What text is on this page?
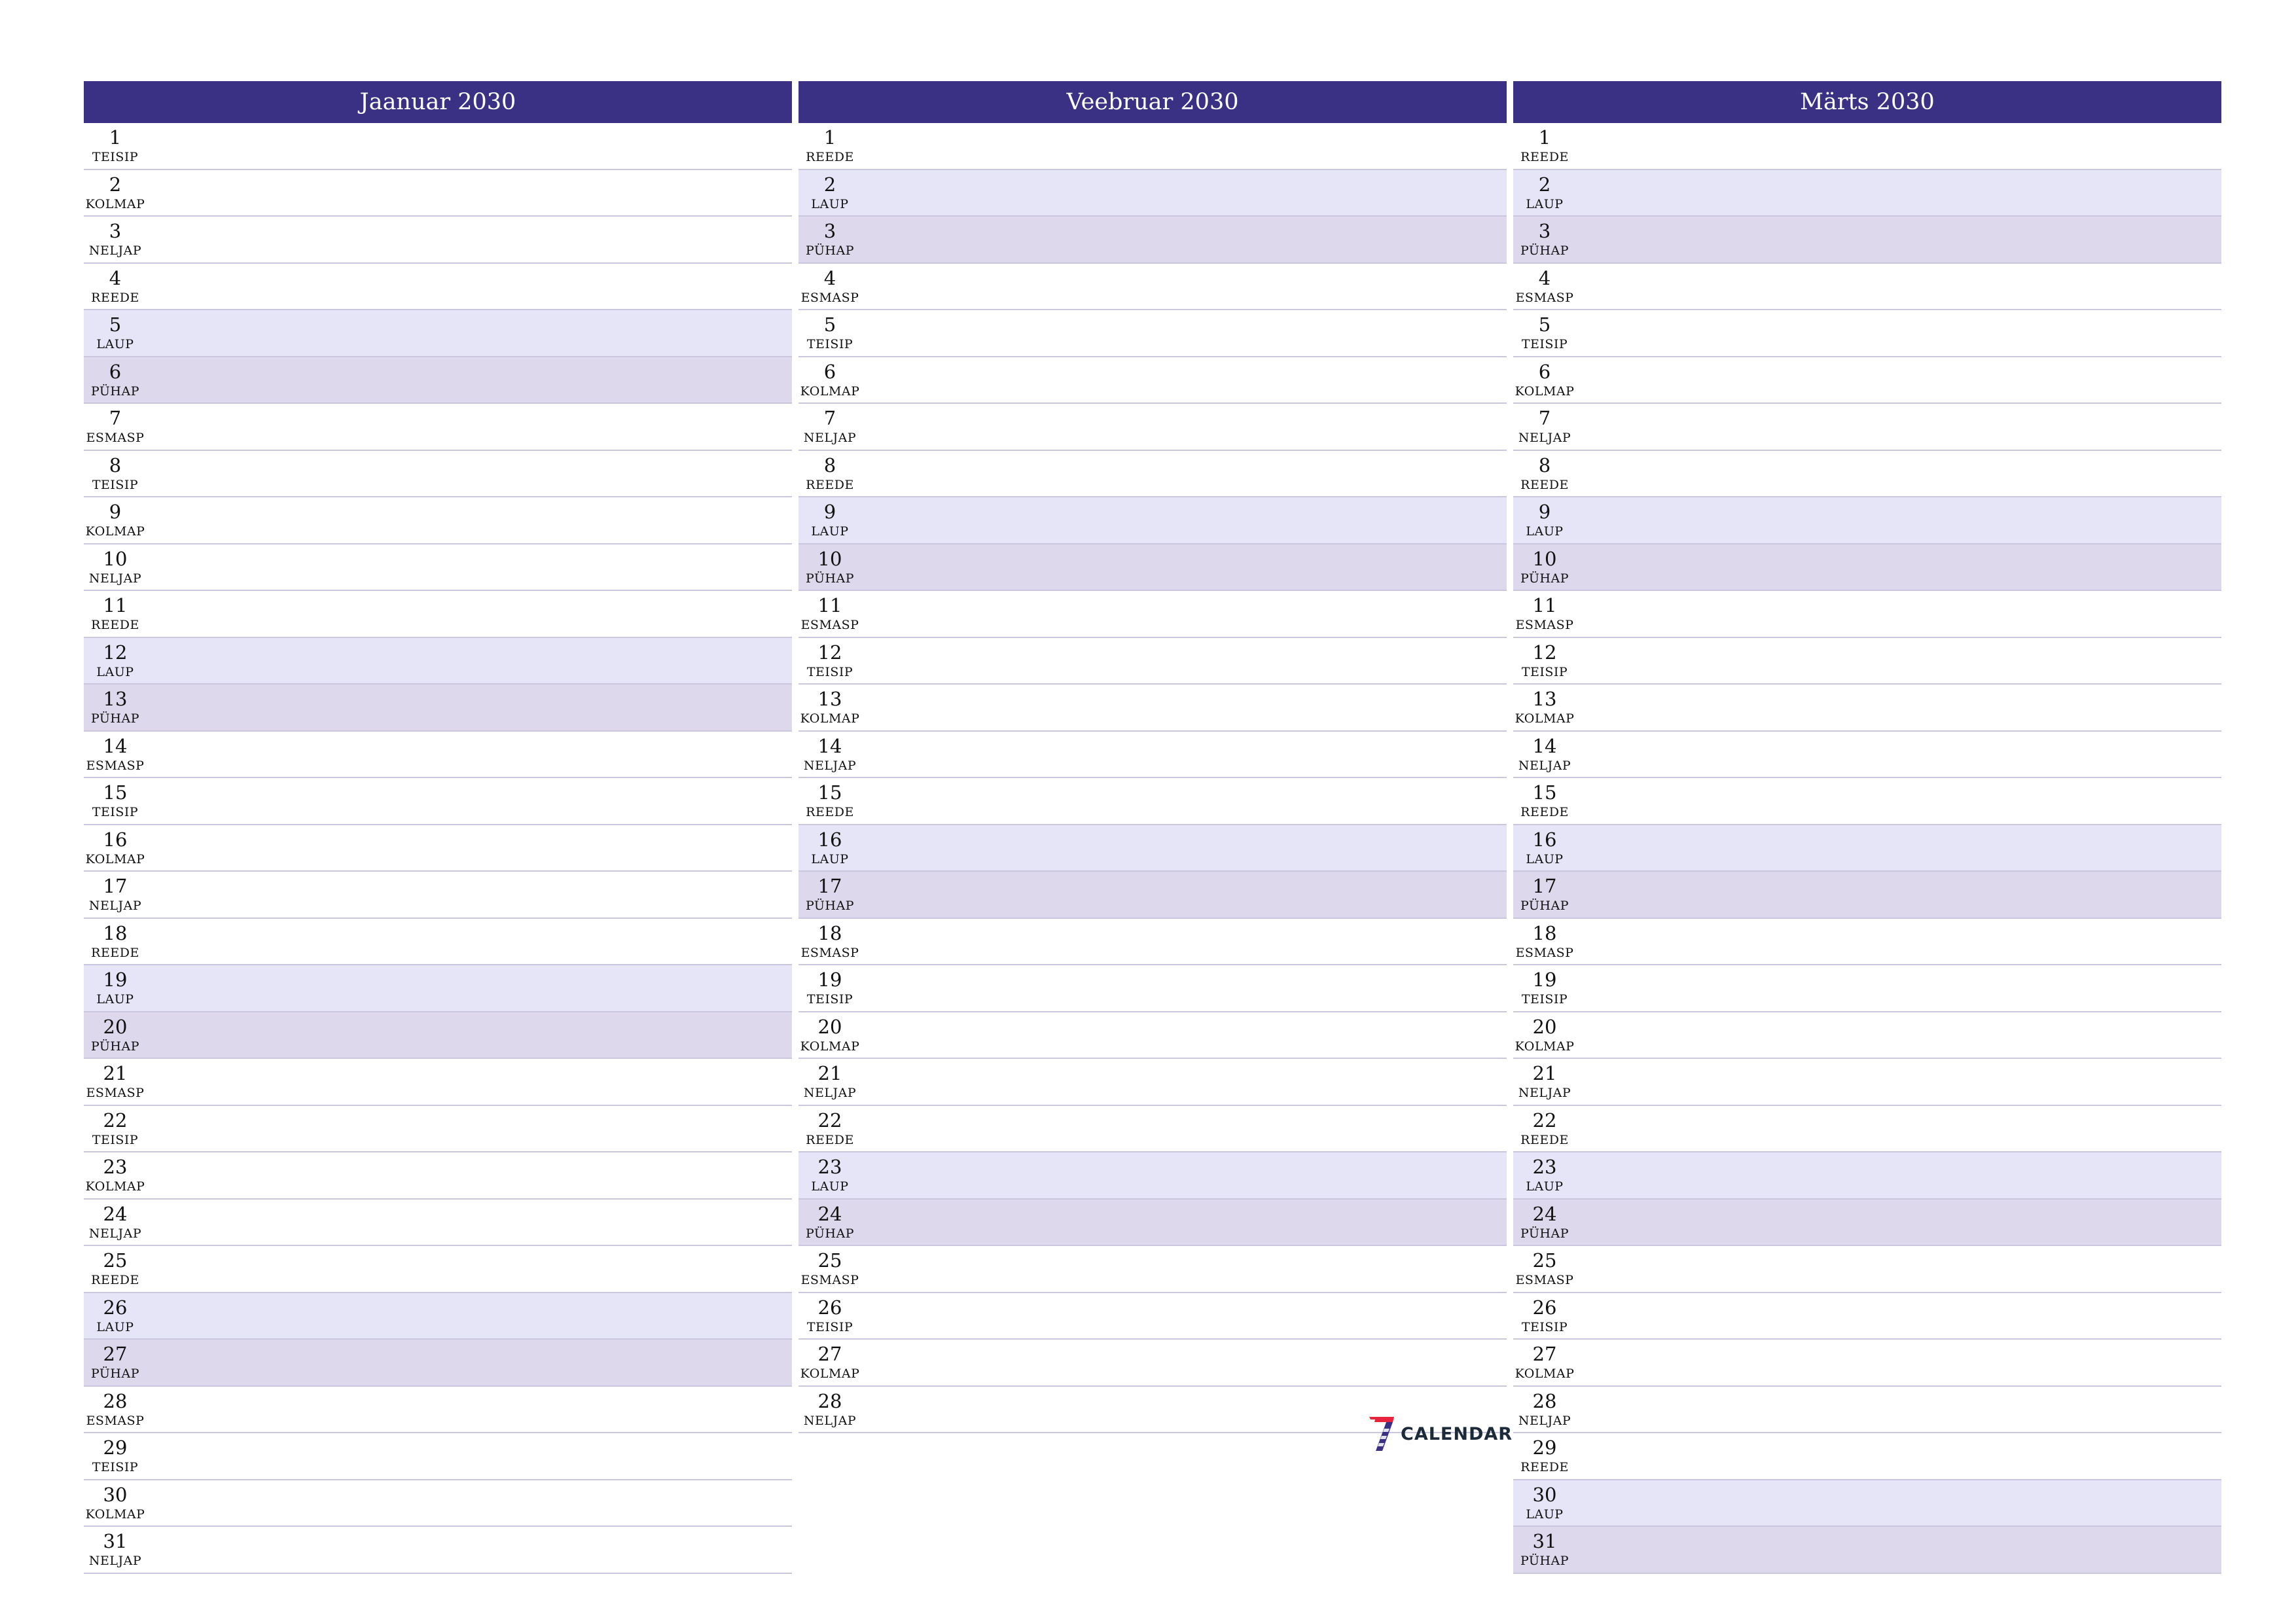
Jaanuar 2030
1
TEISIP
2
KOLMAP
3
NELJAP
4
REEDE
5
LAUP
6
PÜHAP
7
ESMASP
8
TEISIP
9
KOLMAP
10
NELJAP
11
REEDE
12
LAUP
13
PÜHAP
14
ESMASP
15
TEISIP
16
KOLMAP
17
NELJAP
18
REEDE
19
LAUP
20
PÜHAP
21
ESMASP
22
TEISIP
23
KOLMAP
24
NELJAP
25
REEDE
26
LAUP
27
PÜHAP
28
ESMASP
29
TEISIP
30
KOLMAP
31
NELJAP
Veebruar 2030
1
REEDE
2
LAUP
3
PÜHAP
4
ESMASP
5
TEISIP
6
KOLMAP
7
NELJAP
8
REEDE
9
LAUP
10
PÜHAP
11
ESMASP
12
TEISIP
13
KOLMAP
14
NELJAP
15
REEDE
16
LAUP
17
PÜHAP
18
ESMASP
19
TEISIP
20
KOLMAP
21
NELJAP
22
REEDE
23
LAUP
24
PÜHAP
25
ESMASP
26
TEISIP
27
KOLMAP
28
NELJAP
Märts 2030
1
REEDE
2
LAUP
3
PÜHAP
4
ESMASP
5
TEISIP
6
KOLMAP
7
NELJAP
8
REEDE
9
LAUP
10
PÜHAP
11
ESMASP
12
TEISIP
13
KOLMAP
14
NELJAP
15
REEDE
16
LAUP
17
PÜHAP
18
ESMASP
19
TEISIP
20
KOLMAP
21
NELJAP
22
REEDE
23
LAUP
24
PÜHAP
25
ESMASP
26
TEISIP
27
KOLMAP
28
NELJAP
29
REEDE
30
LAUP
31
PÜHAP
CALENDAR
